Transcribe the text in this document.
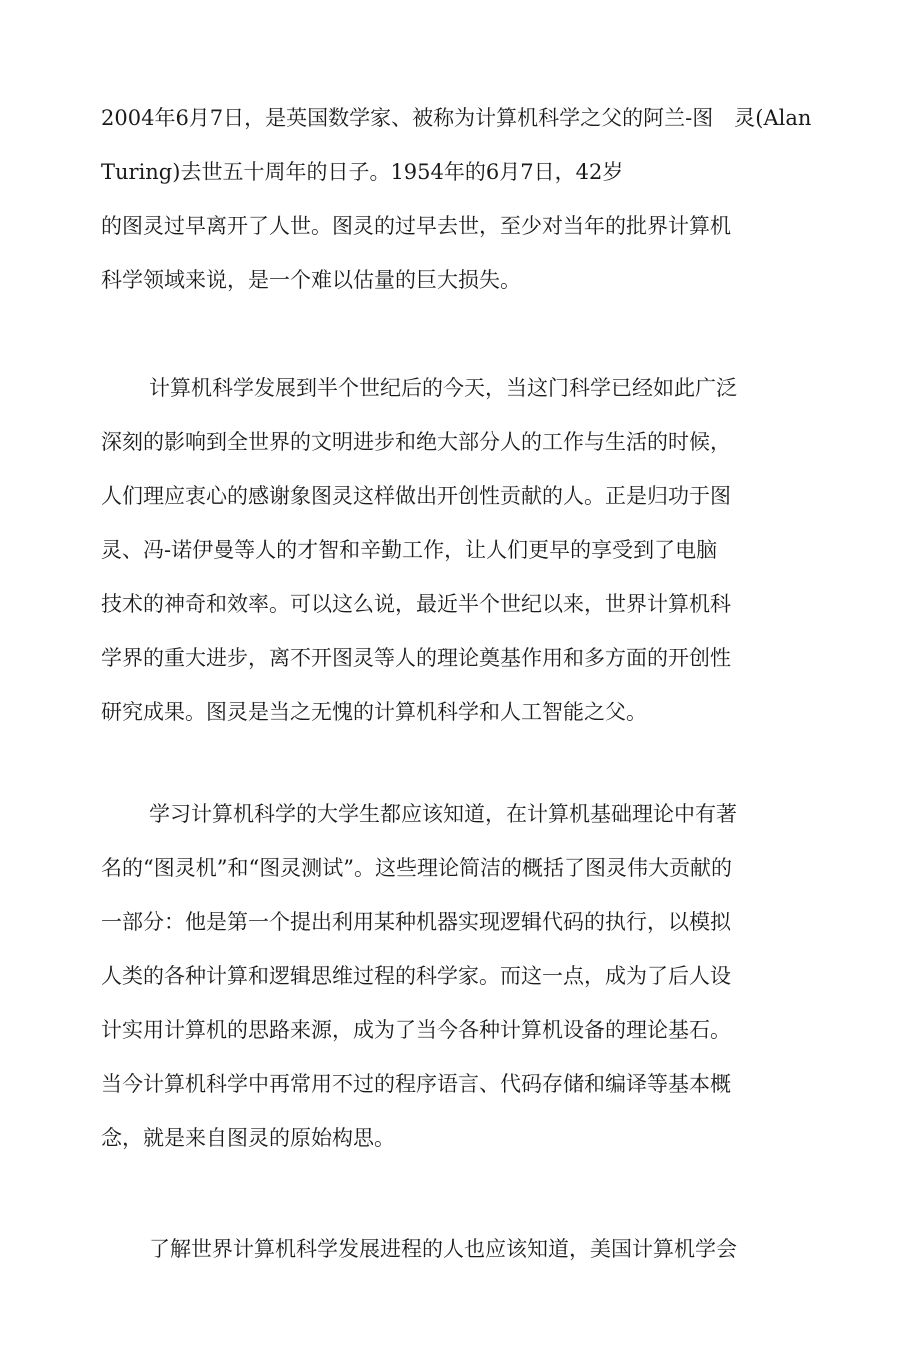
2004年6月7日，是英国数学家、被称为计算机科学之父的阿兰-图　灵(Alan
Turing)去世五十周年的日子。1954年的6月7日，42岁
的图灵过早离开了人世。图灵的过早去世，至少对当年的批界计算机
科学领域来说，是一个难以估量的巨大损失。
计算机科学发展到半个世纪后的今天，当这门科学已经如此广泛
深刻的影响到全世界的文明进步和绝大部分人的工作与生活的时候，
人们理应衷心的感谢象图灵这样做出开创性贡献的人。正是归功于图
灵、冯-诺伊曼等人的才智和辛勤工作，让人们更早的享受到了电脑
技术的神奇和效率。可以这么说，最近半个世纪以来，世界计算机科
学界的重大进步，离不开图灵等人的理论奠基作用和多方面的开创性
研究成果。图灵是当之无愧的计算机科学和人工智能之父。
学习计算机科学的大学生都应该知道，在计算机基础理论中有著
名的“图灵机”和“图灵测试”。这些理论简洁的概括了图灵伟大贡献的
一部分：他是第一个提出利用某种机器实现逻辑代码的执行，以模拟
人类的各种计算和逻辑思维过程的科学家。而这一点，成为了后人设
计实用计算机的思路来源，成为了当今各种计算机设备的理论基石。
当今计算机科学中再常用不过的程序语言、代码存储和编译等基本概
念，就是来自图灵的原始构思。
了解世界计算机科学发展进程的人也应该知道，美国计算机学会
